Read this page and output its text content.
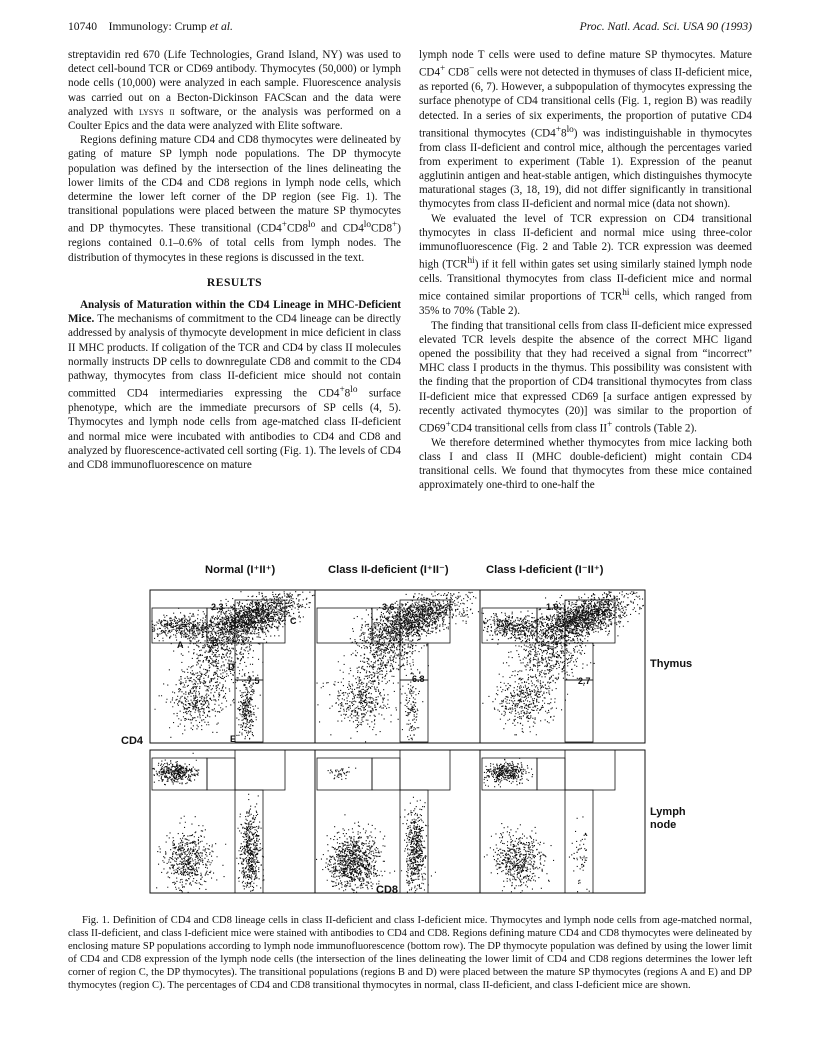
10740 Immunology: Crump et al.	Proc. Natl. Acad. Sci. USA 90 (1993)

streptavidin red 670 (Life Technologies, Grand Island, NY) was used to detect cell-bound TCR or CD69 antibody. Thymocytes (50,000) or lymph node cells (10,000) were analyzed in each sample. Fluorescence analysis was carried out on a Becton-Dickinson FACScan and the data were analyzed with lysys ii software, or the analysis was performed on a Coulter Epics and the data were analyzed with Elite software.

Regions defining mature CD4 and CD8 thymocytes were delineated by gating of mature SP lymph node populations. The DP thymocyte population was defined by the intersection of the lines delineating the lower limits of the CD4 and CD8 regions in lymph node cells, which determine the lower left corner of the DP region (see Fig. 1). The transitional populations were placed between the mature SP thymocytes and DP thymocytes. These transitional ($CD4^+CD8^{lo}$ and $CD4^{lo}CD8^+$) regions contained 0.1–0.6% of total cells from lymph nodes. The distribution of thymocytes in these regions is discussed in the text.

RESULTS

Analysis of Maturation within the CD4 Lineage in MHC-Deficient Mice. The mechanisms of commitment to the CD4 lineage can be directly addressed by analysis of thymocyte development in mice deficient in class II MHC products. If coligation of the TCR and CD4 by class II molecules normally instructs DP cells to downregulate CD8 and commit to the CD4 pathway, thymocytes from class II-deficient mice should not contain committed CD4 intermediaries expressing the $CD4^+8^{lo}$ surface phenotype, which are the immediate precursors of SP cells (4, 5). Thymocytes and lymph node cells from age-matched class II-deficient and normal mice were incubated with antibodies to CD4 and CD8 and analyzed by fluorescence-activated cell sorting (Fig. 1). The levels of CD4 and CD8 immunofluorescence on mature

lymph node T cells were used to define mature SP thymocytes. Mature CD4+ CD8− cells were not detected in thymuses of class II-deficient mice, as reported (6, 7). However, a subpopulation of thymocytes expressing the surface phenotype of CD4 transitional cells (Fig. 1, region B) was readily detected. In a series of six experiments, the proportion of putative CD4 transitional thymocytes $(CD4^+8^{lo})$ was indistinguishable in thymocytes from class II-deficient and control mice, although the percentages varied from experiment to experiment (Table 1). Expression of the peanut agglutinin antigen and heat-stable antigen, which distinguishes thymocyte maturational stages (3, 18, 19), did not differ significantly in transitional thymocytes from class II-deficient and normal mice (data not shown).

We evaluated the level of TCR expression on CD4 transitional thymocytes in class II-deficient and normal mice using three-color immunofluorescence (Fig. 2 and Table 2). TCR expression was deemed high $(TCR^{hi})$ if it fell within gates set using similarly stained lymph node cells. Transitional thymocytes from class II-deficient mice and normal mice contained similar proportions of $TCR^{hi}$ cells, which ranged from 35% to 70% (Table 2).

The finding that transitional cells from class II-deficient mice expressed elevated TCR levels despite the absence of the correct MHC ligand opened the possibility that they had received a signal from “incorrect” MHC class I products in the thymus. This possibility was consistent with the finding that the proportion of CD4 transitional thymocytes from class II-deficient mice that expressed CD69 [a surface antigen expressed by recently activated thymocytes (20)] was similar to the proportion of CD69+CD4 transitional cells from class II+ controls (Table 2).

We therefore determined whether thymocytes from mice lacking both class I and class II (MHC double-deficient) might contain CD4 transitional cells. We found that thymocytes from these mice contained approximately one-third to one-half the

Normal (I⁺II⁺)	Class II-deficient (I⁺II⁻)	Class I-deficient (I⁻II⁺)
2.3
7.5
A	B
C
D
E
3.6
6.8
1.9
2.7
Thymus
Lymph node
CD4
CD8

Fig. 1. Definition of CD4 and CD8 lineage cells in class II-deficient and class I-deficient mice. Thymocytes and lymph node cells from age-matched normal, class II-deficient, and class I-deficient mice were stained with antibodies to CD4 and CD8. Regions defining mature CD4 and CD8 thymocytes were delineated by enclosing mature SP populations according to lymph node immunofluorescence (bottom row). The DP thymocyte population was defined by using the lower limit of CD4 and CD8 expression of the lymph node cells (the intersection of the lines delineating the lower limit of CD4 and CD8 regions determines the lower left corner of region C, the DP thymocytes). The transitional populations (regions B and D) were placed between the mature SP thymocytes (regions A and E) and DP thymocytes (region C). The percentages of CD4 and CD8 transitional thymocytes in normal, class II-deficient, and class I-deficient mice are shown.
